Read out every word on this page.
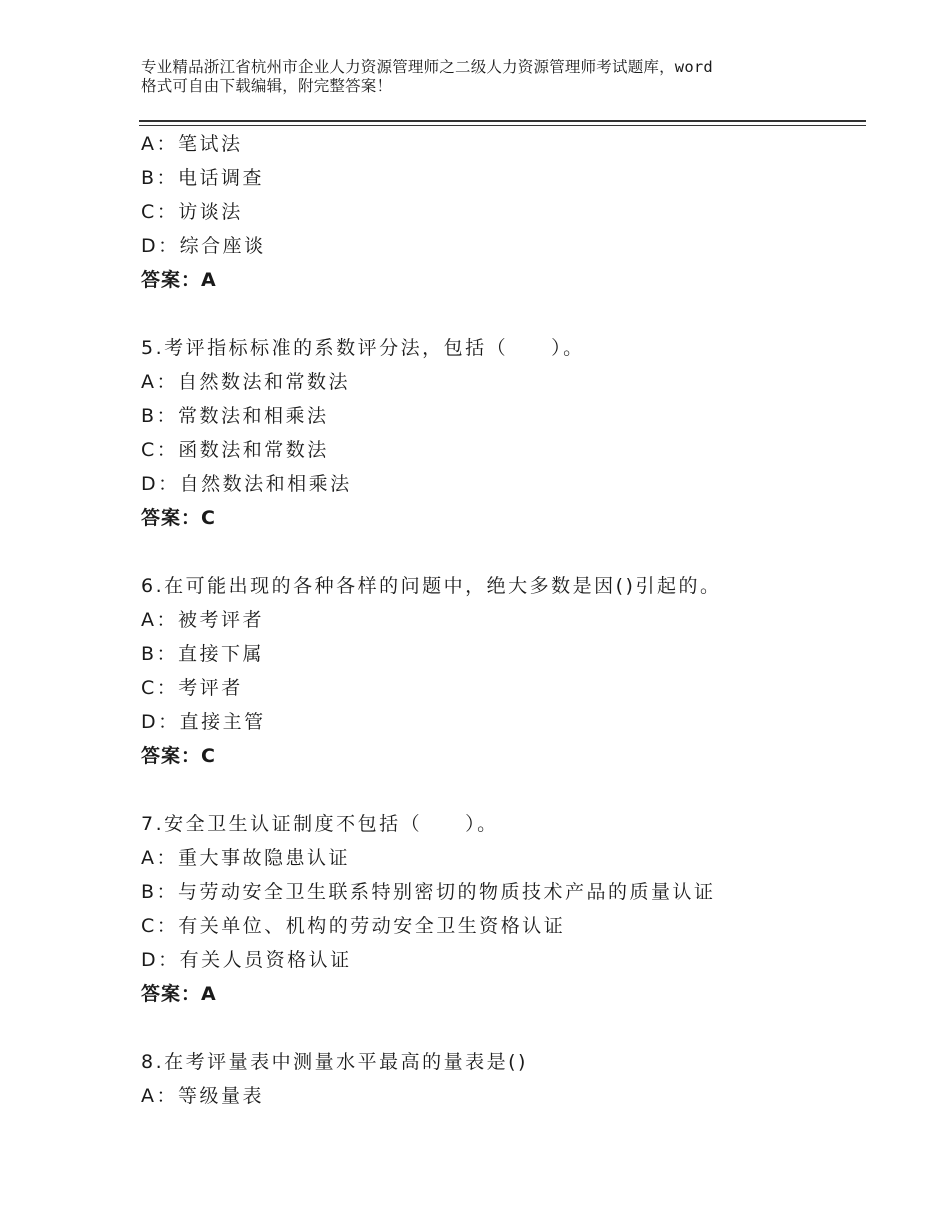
专业精品浙江省杭州市企业人力资源管理师之二级人力资源管理师考试题库，word
格式可自由下载编辑，附完整答案！
A：笔试法
B：电话调查
C：访谈法
D：综合座谈
答案：A
5.考评指标标准的系数评分法，包括（　　）。
A：自然数法和常数法
B：常数法和相乘法
C：函数法和常数法
D：自然数法和相乘法
答案：C
6.在可能出现的各种各样的问题中，绝大多数是因()引起的。
A：被考评者
B：直接下属
C：考评者
D：直接主管
答案：C
7.安全卫生认证制度不包括（　　）。
A：重大事故隐患认证
B：与劳动安全卫生联系特别密切的物质技术产品的质量认证
C：有关单位、机构的劳动安全卫生资格认证
D：有关人员资格认证
答案：A
8.在考评量表中测量水平最高的量表是()
A：等级量表
